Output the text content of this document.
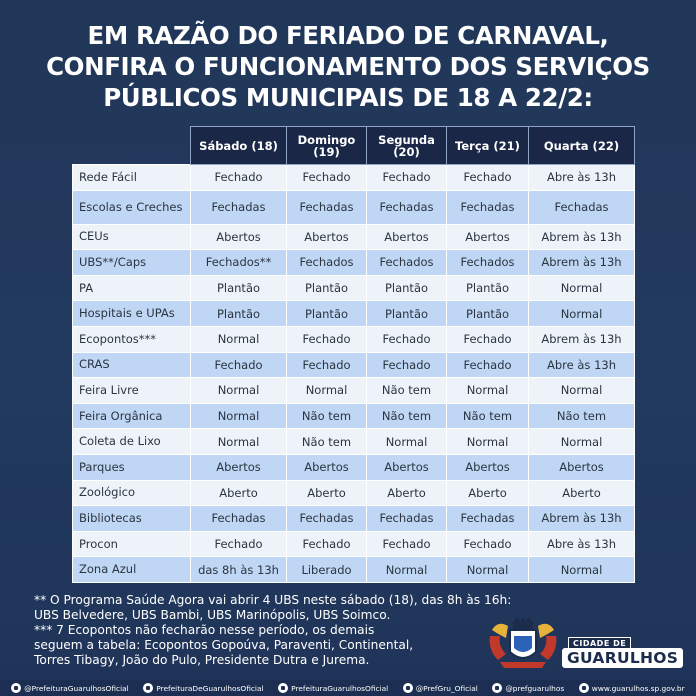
EM RAZÃO DO FERIADO DE CARNAVAL,
CONFIRA O FUNCIONAMENTO DOS SERVIÇOS
PÚBLICOS MUNICIPAIS DE 18 A 22/2:
	Sábado (18)	Domingo (19)	Segunda (20)	Terça (21)	Quarta (22)
Rede Fácil	Fechado	Fechado	Fechado	Fechado	Abre às 13h
Escolas e Creches	Fechadas	Fechadas	Fechadas	Fechadas	Fechadas
CEUs	Abertos	Abertos	Abertos	Abertos	Abrem às 13h
UBS**/Caps	Fechados**	Fechados	Fechados	Fechados	Abrem às 13h
PA	Plantão	Plantão	Plantão	Plantão	Normal
Hospitais e UPAs	Plantão	Plantão	Plantão	Plantão	Normal
Ecopontos***	Normal	Fechado	Fechado	Fechado	Abrem às 13h
CRAS	Fechado	Fechado	Fechado	Fechado	Abre às 13h
Feira Livre	Normal	Normal	Não tem	Normal	Normal
Feira Orgânica	Normal	Não tem	Não tem	Não tem	Não tem
Coleta de Lixo	Normal	Não tem	Normal	Normal	Normal
Parques	Abertos	Abertos	Abertos	Abertos	Abertos
Zoológico	Aberto	Aberto	Aberto	Aberto	Aberto
Bibliotecas	Fechadas	Fechadas	Fechadas	Fechadas	Abrem às 13h
Procon	Fechado	Fechado	Fechado	Fechado	Abre às 13h
Zona Azul	das 8h às 13h	Liberado	Normal	Normal	Normal

** O Programa Saúde Agora vai abrir 4 UBS neste sábado (18), das 8h às 16h:

UBS Belvedere, UBS Bambi, UBS Marinópolis, UBS Soimco.

*** 7 Ecopontos não fecharão nesse período, os demais

seguem a tabela: Ecopontos Gopoúva, Paraventi, Continental,

Torres Tibagy, João do Pulo, Presidente Dutra e Jurema.

CIDADE DE
GUARULHOS
@PrefeituraGuarulhosOficial	PrefeituraDeGuarulhosOficial	PrefeituraGuarulhosOficial	@PrefGru_Oficial	@prefguarulhos	www.guarulhos.sp.gov.br
